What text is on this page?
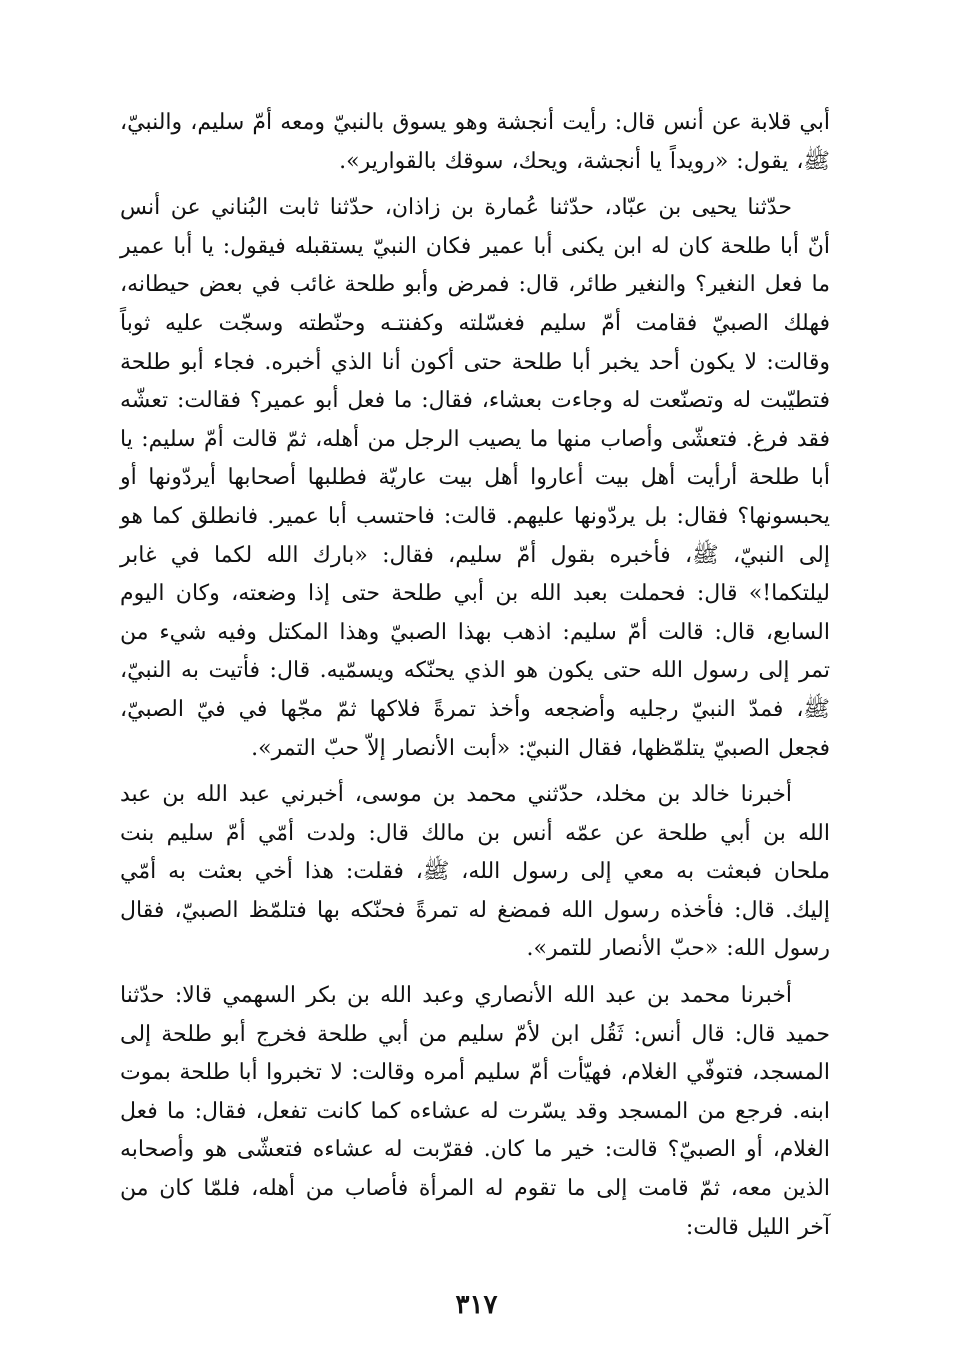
أبي قلابة عن أنس قال: رأيت أنجشة وهو يسوق بالنبيّ ومعه أمّ سليم، والنبيّ، ﷺ، يقول: «رويداً يا أنجشة، ويحك، سوقك بالقوارير».

حدّثنا يحيى بن عبّاد، حدّثنا عُمارة بن زاذان، حدّثنا ثابت البُناني عن أنس أنّ أبا طلحة كان له ابن يكنى أبا عمير فكان النبيّ يستقبله فيقول: يا أبا عمير ما فعل النغير؟ والنغير طائر، قال: فمرض وأبو طلحة غائب في بعض حيطانه، فهلك الصبيّ فقامت أمّ سليم فغسّلته وكفنتـه وحنّطته وسجّت عليه ثوباً وقالت: لا يكون أحد يخبر أبا طلحة حتى أكون أنا الذي أخبره. فجاء أبو طلحة فتطيّبت له وتصنّعت له وجاءت بعشاء، فقال: ما فعل أبو عمير؟ فقالت: تعشّه فقد فرغ. فتعشّى وأصاب منها ما يصيب الرجل من أهله، ثمّ قالت أمّ سليم: يا أبا طلحة أرأيت أهل بيت أعاروا أهل بيت عاريّة فطلبها أصحابها أيردّونها أو يحبسونها؟ فقال: بل يردّونها عليهم. قالت: فاحتسب أبا عمير. فانطلق كما هو إلى النبيّ، ﷺ، فأخبره بقول أمّ سليم، فقال: «بارك الله لكما في غابر ليلتكما!» قال: فحملت بعبد الله بن أبي طلحة حتى إذا وضعته، وكان اليوم السابع، قال: قالت أمّ سليم: اذهب بهذا الصبيّ وهذا المكتل وفيه شيء من تمر إلى رسول الله حتى يكون هو الذي يحنّكه ويسمّيه. قال: فأتيت به النبيّ، ﷺ، فمدّ النبيّ رجليه وأضجعه وأخذ تمرةً فلاكها ثمّ مجّها في فيّ الصبيّ، فجعل الصبيّ يتلمّظها، فقال النبيّ: «أبت الأنصار إلاّ حبّ التمر».

أخبرنا خالد بن مخلد، حدّثني محمد بن موسى، أخبرني عبد الله بن عبد الله بن أبي طلحة عن عمّه أنس بن مالك قال: ولدت أمّي أمّ سليم بنت ملحان فبعثت به معي إلى رسول الله، ﷺ، فقلت: هذا أخي بعثت به أمّي إليك. قال: فأخذه رسول الله فمضغ له تمرةً فحنّكه بها فتلمّظ الصبيّ، فقال رسول الله: «حبّ الأنصار للتمر».

أخبرنا محمد بن عبد الله الأنصاري وعبد الله بن بكر السهمي قالا: حدّثنا حميد قال: قال أنس: ثَقُل ابن لأمّ سليم من أبي طلحة فخرج أبو طلحة إلى المسجد، فتوفّي الغلام، فهيّأت أمّ سليم أمره وقالت: لا تخبروا أبا طلحة بموت ابنه. فرجع من المسجد وقد يسّرت له عشاءه كما كانت تفعل، فقال: ما فعل الغلام، أو الصبيّ؟ قالت: خير ما كان. فقرّبت له عشاءه فتعشّى هو وأصحابه الذين معه، ثمّ قامت إلى ما تقوم له المرأة فأصاب من أهله، فلمّا كان من آخر الليل قالت:

٣١٧
